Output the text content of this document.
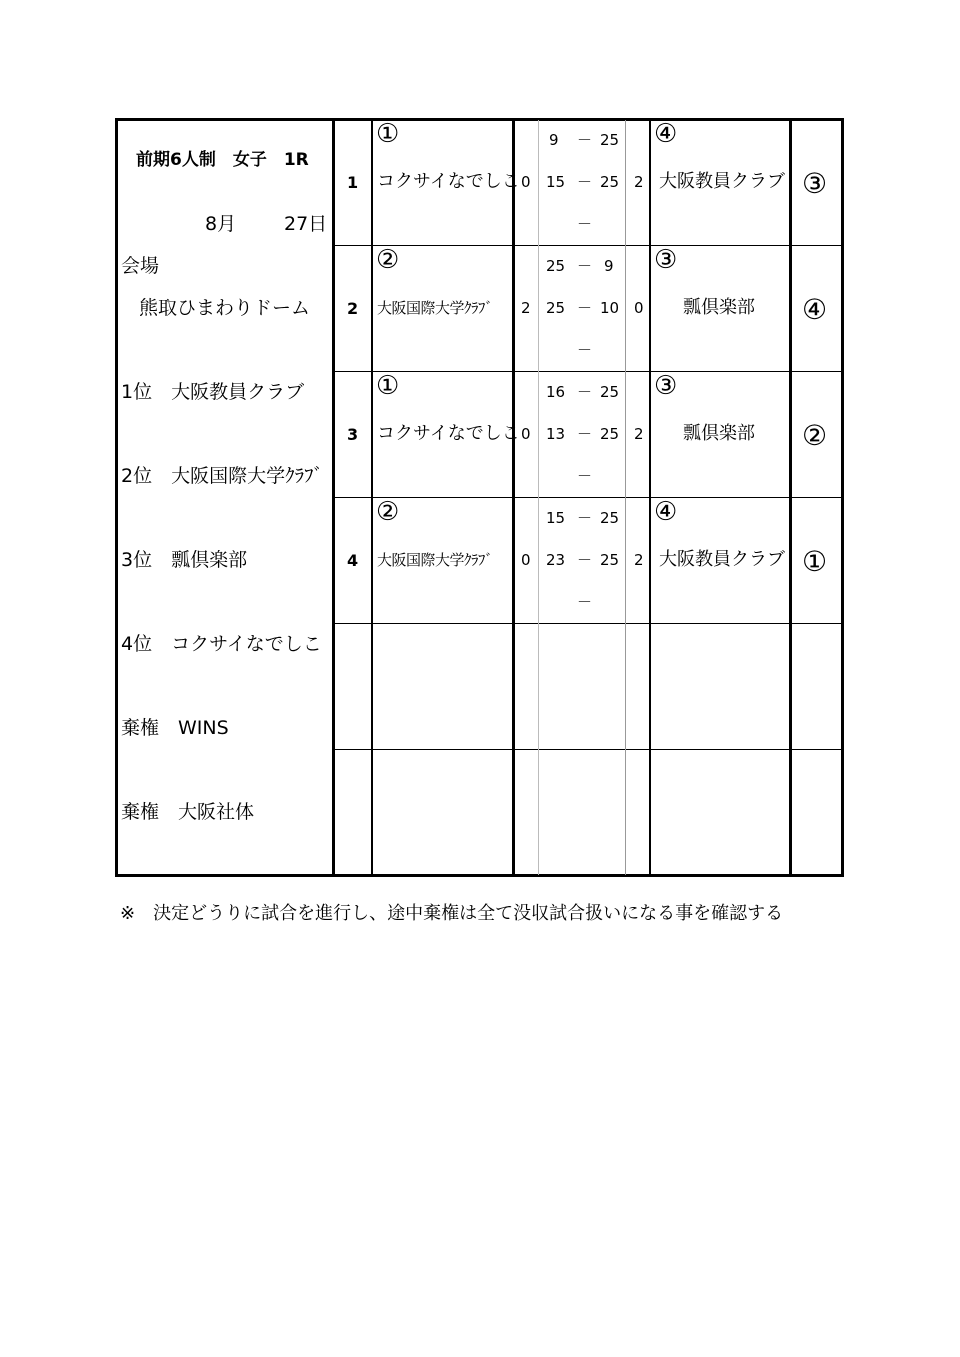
前期6人制　女子　1R
8月	27日
会場
熊取ひまわりドーム
1位　大阪教員クラブ
2位　大阪国際大学ｸﾗﾌﾞ
3位　瓢倶楽部
4位　コクサイなでしこ
棄権　WINS
棄権　大阪社体
1
①
コクサイなでしこ 0
9 － 25
15 － 25
－
2
④
大阪教員クラブ ③
2
②
大阪国際大学ｸﾗﾌﾞ 2
25 － 9
25 － 10
－
0
③
瓢倶楽部 ④
3
①
コクサイなでしこ 0
16 － 25
13 － 25
－
2
③
瓢倶楽部 ②
4
②
大阪国際大学ｸﾗﾌﾞ 0
15 － 25
23 － 25
－
2
④
大阪教員クラブ ①
※　決定どうりに試合を進行し、途中棄権は全て没収試合扱いになる事を確認する
